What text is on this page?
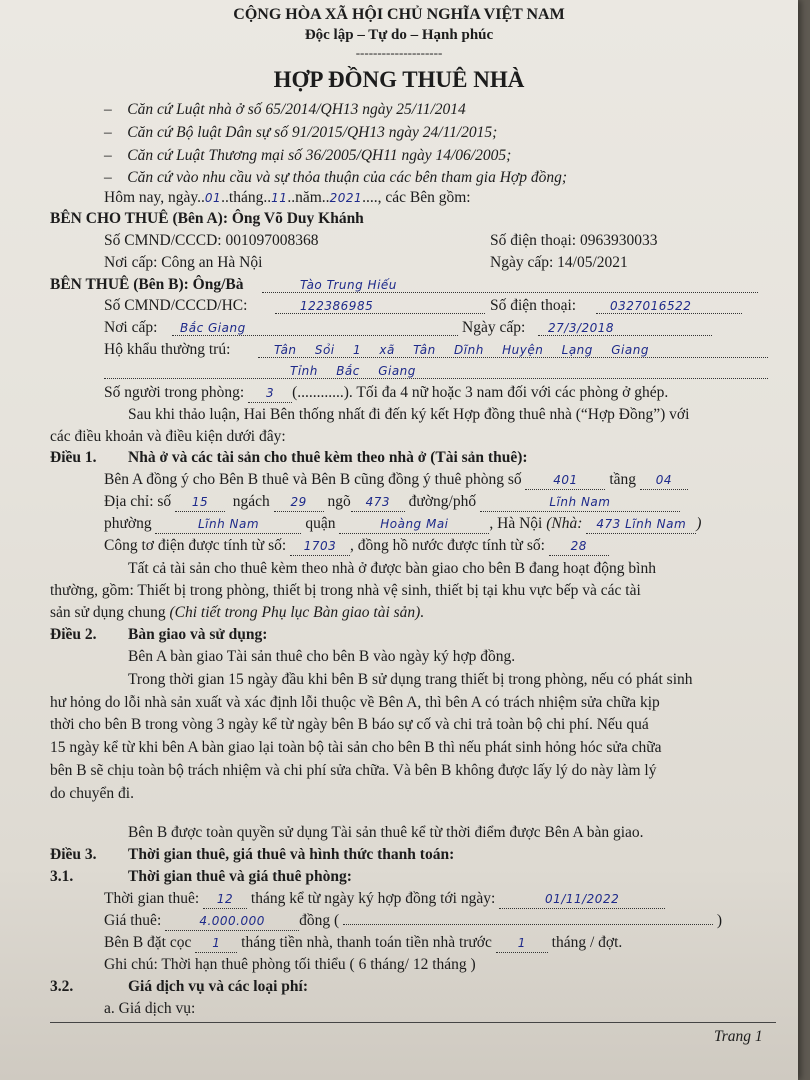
CỘNG HÒA XÃ HỘI CHỦ NGHĨA VIỆT NAM
Độc lập – Tự do – Hạnh phúc
--------------------
HỢP ĐỒNG THUÊ NHÀ
–    Căn cứ Luật nhà ở số 65/2014/QH13 ngày 25/11/2014
–    Căn cứ Bộ luật Dân sự số 91/2015/QH13 ngày 24/11/2015;
–    Căn cứ Luật Thương mại số 36/2005/QH11 ngày 14/06/2005;
–    Căn cứ vào nhu cầu và sự thỏa thuận của các bên tham gia Hợp đồng;
Hôm nay, ngày..01..tháng..11..năm..2021...., các Bên gồm:
BÊN CHO THUÊ (Bên A): Ông Võ Duy Khánh
Số CMND/CCCD: 001097008368	Số điện thoại: 0963930033
Nơi cấp: Công an Hà Nội	Ngày cấp: 14/05/2021
BÊN THUÊ (Bên B): Ông/Bà	Tào Trung Hiếu
Số CMND/CCCD/HC:	122386985	Số điện thoại:	0327016522
Nơi cấp: Bắc Giang	Ngày cấp: 27/3/2018
Hộ khẩu thường trú:	Tân Sỏi 1 xã Tân Dĩnh Huyện Lạng Giang
Tỉnh Bắc Giang
Số người trong phòng: 3 (............). Tối đa 4 nữ hoặc 3 nam đối với các phòng ở ghép.
Sau khi thảo luận, Hai Bên thống nhất đi đến ký kết Hợp đồng thuê nhà (“Hợp Đồng”) với
các điều khoản và điều kiện dưới đây:
Điều 1. Nhà ở và các tài sản cho thuê kèm theo nhà ở (Tài sản thuê):
Bên A đồng ý cho Bên B thuê và Bên B cũng đồng ý thuê phòng số	401 tầng 04
Địa chỉ: số 15 ngách 29 ngõ 473 đường/phố	Lĩnh Nam
phường	Lĩnh Nam	quận	Hoàng Mai	, Hà Nội (Nhà: 473 Lĩnh Nam )
Công tơ điện được tính từ số: 1703 , đồng hồ nước được tính từ số: 28
Tất cả tài sản cho thuê kèm theo nhà ở được bàn giao cho bên B đang hoạt động bình
thường, gồm: Thiết bị trong phòng, thiết bị trong nhà vệ sinh, thiết bị tại khu vực bếp và các tài
sản sử dụng chung (Chi tiết trong Phụ lục Bàn giao tài sản).
Điều 2. Bàn giao và sử dụng:
Bên A bàn giao Tài sản thuê cho bên B vào ngày ký hợp đồng.
Trong thời gian 15 ngày đầu khi bên B sử dụng trang thiết bị trong phòng, nếu có phát sinh
hư hỏng do lỗi nhà sản xuất và xác định lỗi thuộc về Bên A, thì bên A có trách nhiệm sửa chữa kịp
thời cho bên B trong vòng 3 ngày kể từ ngày bên B báo sự cố và chi trả toàn bộ chi phí. Nếu quá
15 ngày kể từ khi bên A bàn giao lại toàn bộ tài sản cho bên B thì nếu phát sinh hỏng hóc sửa chữa
bên B sẽ chịu toàn bộ trách nhiệm và chi phí sửa chữa. Và bên B không được lấy lý do này làm lý
do chuyển đi.
Bên B được toàn quyền sử dụng Tài sản thuê kể từ thời điểm được Bên A bàn giao.
Điều 3. Thời gian thuê, giá thuê và hình thức thanh toán:
3.1.	Thời gian thuê và giá thuê phòng:
Thời gian thuê: 12 tháng kể từ ngày ký hợp đồng tới ngày:	01/11/2022
Giá thuê:	4.000.000 đồng (	)
Bên B đặt cọc 1 tháng tiền nhà, thanh toán tiền nhà trước 1 tháng / đợt.
Ghi chú: Thời hạn thuê phòng tối thiểu ( 6 tháng/ 12 tháng )
3.2.	Giá dịch vụ và các loại phí:
a. Giá dịch vụ:
Trang 1
